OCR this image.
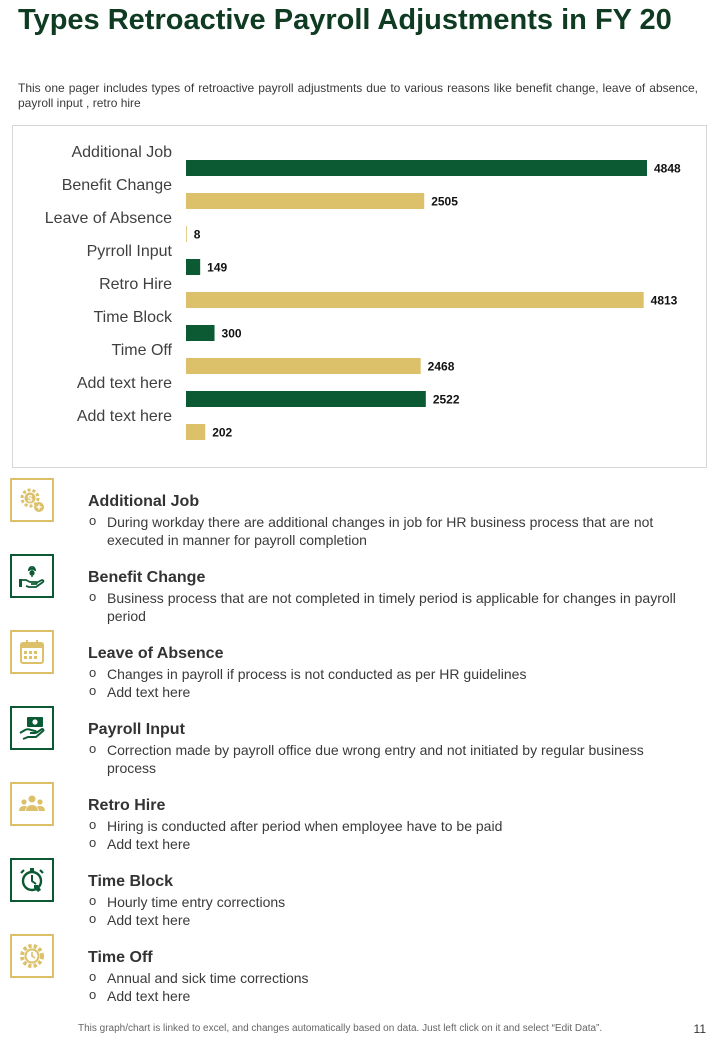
Types Retroactive Payroll Adjustments in FY 20
This one pager includes types of retroactive payroll adjustments due to various reasons like benefit change, leave of absence, payroll input , retro hire
Additional Job
4848
Benefit Change
2505
Leave of Absence
8
Pyrroll Input
149
Retro Hire
4813
Time Block
300
Time Off
2468
Add text here
2522
Add text here
202
$	Additional Job
o During workday there are additional changes in job for HR business process that are not executed in manner for payroll completion
Benefit Change
o Business process that are not completed in timely period is applicable for changes in payroll period
Leave of Absence
o Changes in payroll if process is not conducted as per HR guidelines
o Add text here
Payroll Input
o Correction made by payroll office due wrong entry and not initiated by regular business process
Retro Hire
o Hiring is conducted after period when employee have to be paid
o Add text here
Time Block
o Hourly time entry corrections
o Add text here
Time Off
o Annual and sick time corrections
o Add text here
This graph/chart is linked to excel, and changes automatically based on data. Just left click on it and select “Edit Data”.	11
